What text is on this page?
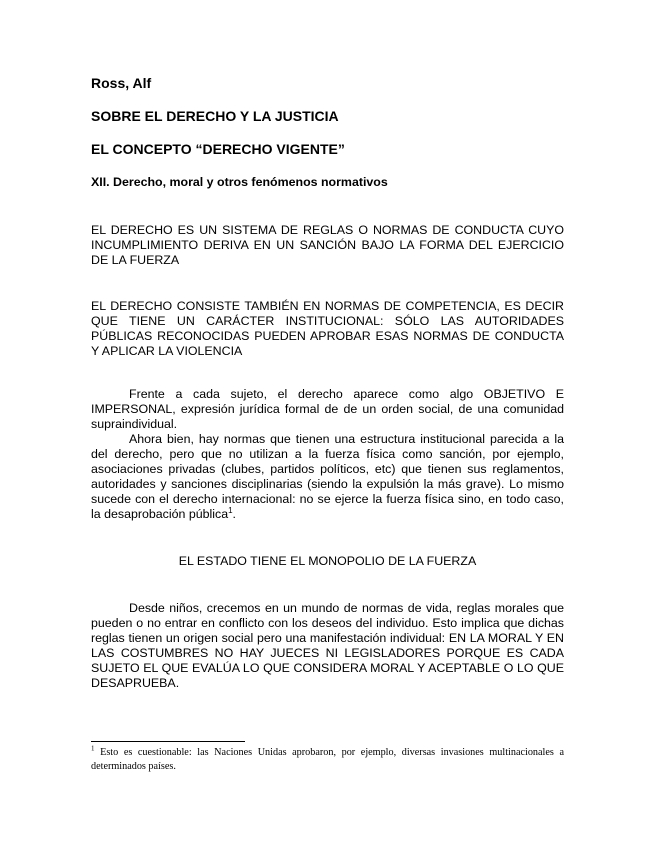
Ross, Alf

SOBRE EL DERECHO Y LA JUSTICIA

EL CONCEPTO “DERECHO VIGENTE”

XII. Derecho, moral y otros fenómenos normativos

EL DERECHO ES UN SISTEMA DE REGLAS O NORMAS DE CONDUCTA CUYO INCUMPLIMIENTO DERIVA EN UN SANCIÓN BAJO LA FORMA DEL EJERCICIO DE LA FUERZA

EL DERECHO CONSISTE TAMBIÉN EN NORMAS DE COMPETENCIA, ES DECIR QUE TIENE UN CARÁCTER INSTITUCIONAL: SÓLO LAS AUTORIDADES PÚBLICAS RECONOCIDAS PUEDEN APROBAR ESAS NORMAS DE CONDUCTA Y APLICAR LA VIOLENCIA

Frente a cada sujeto, el derecho aparece como algo OBJETIVO E IMPERSONAL, expresión jurídica formal de de un orden social, de una comunidad supraindividual.

Ahora bien, hay normas que tienen una estructura institucional parecida a la del derecho, pero que no utilizan a la fuerza física como sanción, por ejemplo, asociaciones privadas (clubes, partidos políticos, etc) que tienen sus reglamentos, autoridades y sanciones disciplinarias (siendo la expulsión la más grave). Lo mismo sucede con el derecho internacional: no se ejerce la fuerza física sino, en todo caso, la desaprobación pública$^1$.

EL ESTADO TIENE EL MONOPOLIO DE LA FUERZA

Desde niños, crecemos en un mundo de normas de vida, reglas morales que pueden o no entrar en conflicto con los deseos del individuo. Esto implica que dichas reglas tienen un origen social pero una manifestación individual: EN LA MORAL Y EN LAS COSTUMBRES NO HAY JUECES NI LEGISLADORES PORQUE ES CADA SUJETO EL QUE EVALÚA LO QUE CONSIDERA MORAL Y ACEPTABLE O LO QUE DESAPRUEBA.

$^1$ Esto es cuestionable: las Naciones Unidas aprobaron, por ejemplo, diversas invasiones multinacionales a determinados países.
